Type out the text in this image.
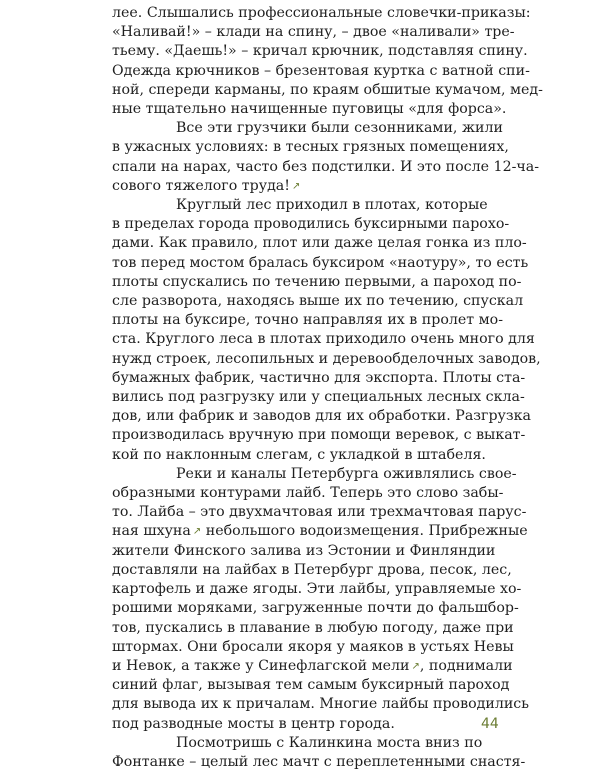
лее. Слышались профессиональные словечки-приказы:
«Наливай!» – клади на спину, – двое «наливали» тре-
тьему. «Даешь!» – кричал крючник, подставляя спину.
Одежда крючников – брезентовая куртка с ватной спи-
ной, спереди карманы, по краям обшитые кумачом, мед-
ные тщательно начищенные пуговицы «для форса».
Все эти грузчики были сезонниками, жили
в ужасных условиях: в тесных грязных помещениях,
спали на нарах, часто без подстилки. И это после 12-ча-
сового тяжелого труда! ↗
Круглый лес приходил в плотах, которые
в пределах города проводились буксирными парохо-
дами. Как правило, плот или даже целая гонка из пло-
тов перед мостом бралась буксиром «наотуру», то есть
плоты спускались по течению первыми, а пароход по-
сле разворота, находясь выше их по течению, спускал
плоты на буксире, точно направляя их в пролет мо-
ста. Круглого леса в плотах приходило очень много для
нужд строек, лесопильных и деревообделочных заводов,
бумажных фабрик, частично для экспорта. Плоты ста-
вились под разгрузку или у специальных лесных скла-
дов, или фабрик и заводов для их обработки. Разгрузка
производилась вручную при помощи веревок, с выкат-
кой по наклонным слегам, с укладкой в штабеля.
Реки и каналы Петербурга оживлялись свое-
образными контурами лайб. Теперь это слово забы-
то. Лайба – это двухмачтовая или трехмачтовая парус-
ная шхуна ↗ небольшого водоизмещения. Прибрежные
жители Финского залива из Эстонии и Финляндии
доставляли на лайбах в Петербург дрова, песок, лес,
картофель и даже ягоды. Эти лайбы, управляемые хо-
рошими моряками, загруженные почти до фальшбор-
тов, пускались в плавание в любую погоду, даже при
штормах. Они бросали якоря у маяков в устьях Невы
и Невок, а также у Синефлагской мели ↗, поднимали
синий флаг, вызывая тем самым буксирный пароход
для вывода их к причалам. Многие лайбы проводились
под разводные мосты в центр города.
Посмотришь с Калинкина моста вниз по
Фонтанке – целый лес мачт с переплетенными снастя-
44
